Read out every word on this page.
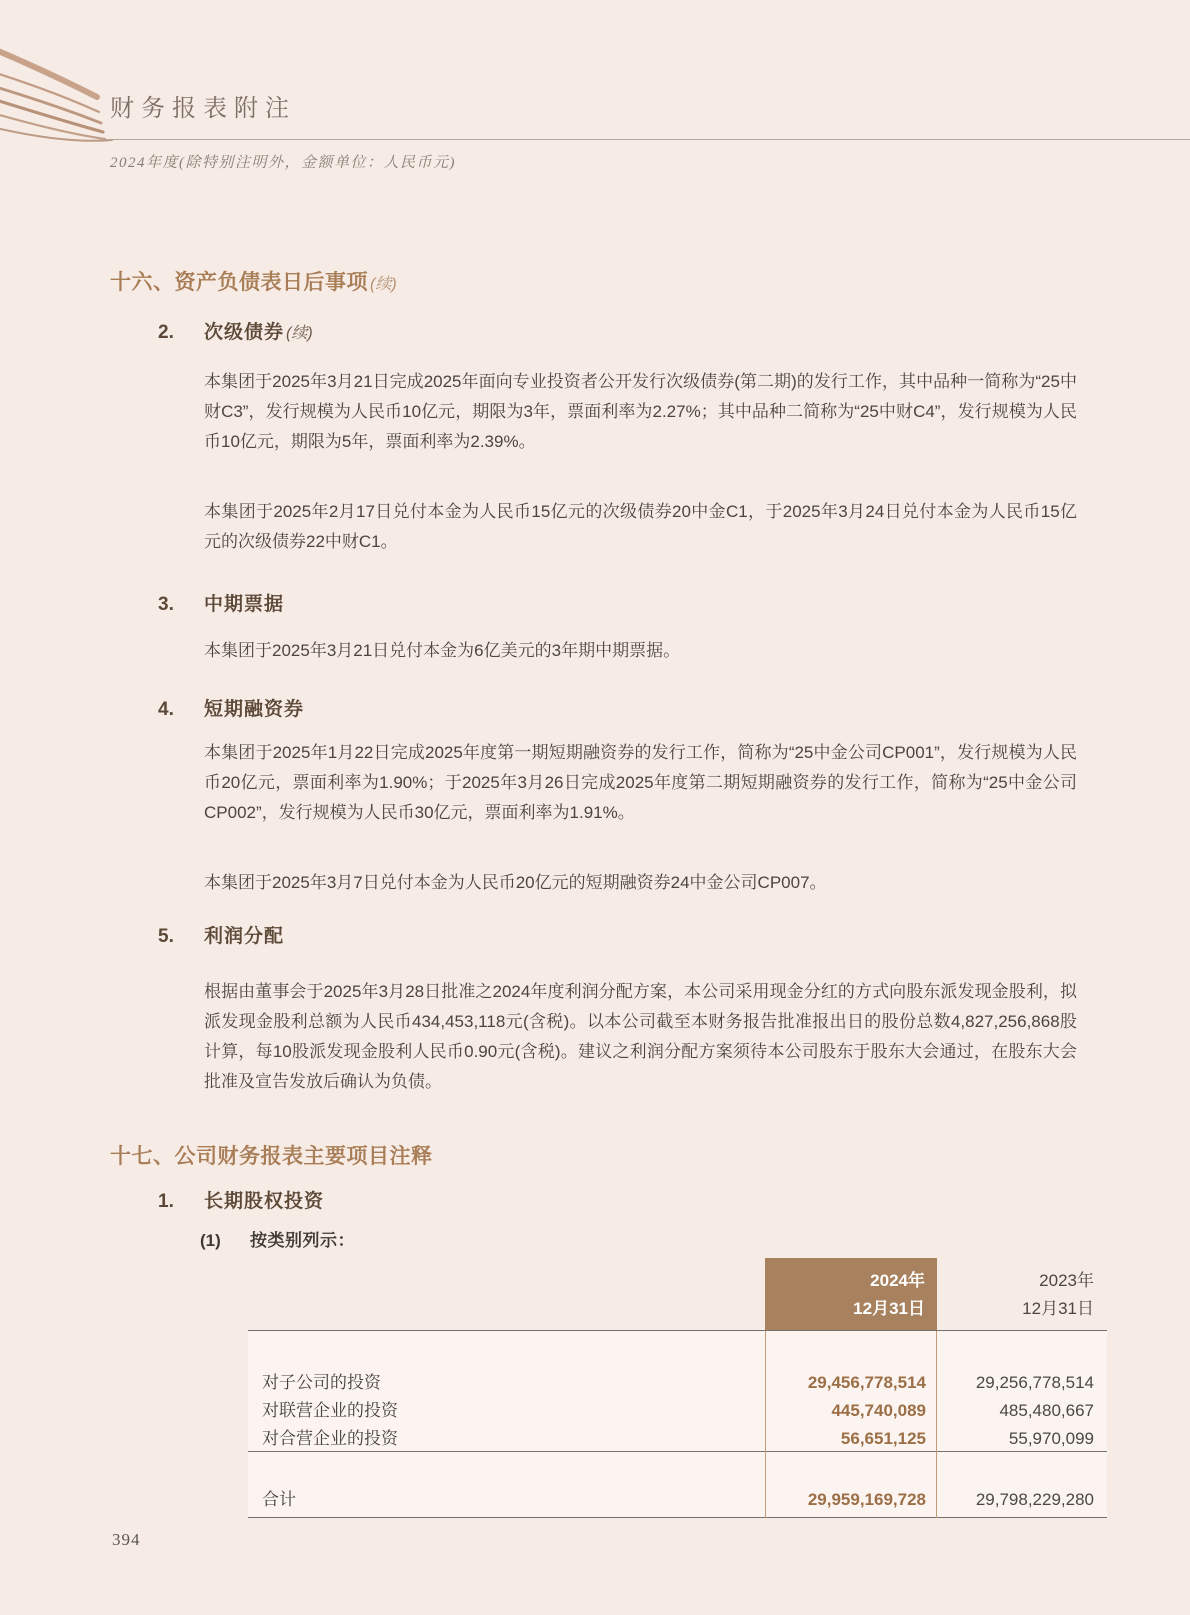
财务报表附注
2024年度(除特别注明外，金额单位：人民币元)
十六、资产负债表日后事项 (续)
2.	次级债券 (续)

本集团于2025年3月21日完成2025年面向专业投资者公开发行次级债券(第二期)的发行工作，其中品种一简称为“25中财C3”，发行规模为人民币10亿元，期限为3年，票面利率为2.27%；其中品种二简称为“25中财C4”，发行规模为人民币10亿元，期限为5年，票面利率为2.39%。

本集团于2025年2月17日兑付本金为人民币15亿元的次级债券20中金C1，于2025年3月24日兑付本金为人民币15亿元的次级债券22中财C1。

3.	中期票据

本集团于2025年3月21日兑付本金为6亿美元的3年期中期票据。

4.	短期融资券

本集团于2025年1月22日完成2025年度第一期短期融资券的发行工作，简称为“25中金公司CP001”，发行规模为人民币20亿元，票面利率为1.90%；于2025年3月26日完成2025年度第二期短期融资券的发行工作，简称为“25中金公司CP002”，发行规模为人民币30亿元，票面利率为1.91%。

本集团于2025年3月7日兑付本金为人民币20亿元的短期融资券24中金公司CP007。

5.	利润分配

根据由董事会于2025年3月28日批准之2024年度利润分配方案，本公司采用现金分红的方式向股东派发现金股利，拟派发现金股利总额为人民币434,453,118元(含税)。以本公司截至本财务报告批准报出日的股份总数4,827,256,868股计算，每10股派发现金股利人民币0.90元(含税)。建议之利润分配方案须待本公司股东于股东大会通过，在股东大会批准及宣告发放后确认为负债。

十七、公司财务报表主要项目注释
1.	长期股权投资
(1)	按类别列示：
2024年
12月31日
2023年
12月31日
对子公司的投资	29,456,778,514	29,256,778,514
对联营企业的投资	445,740,089	485,480,667
对合营企业的投资	56,651,125	55,970,099
合计	29,959,169,728	29,798,229,280
394
